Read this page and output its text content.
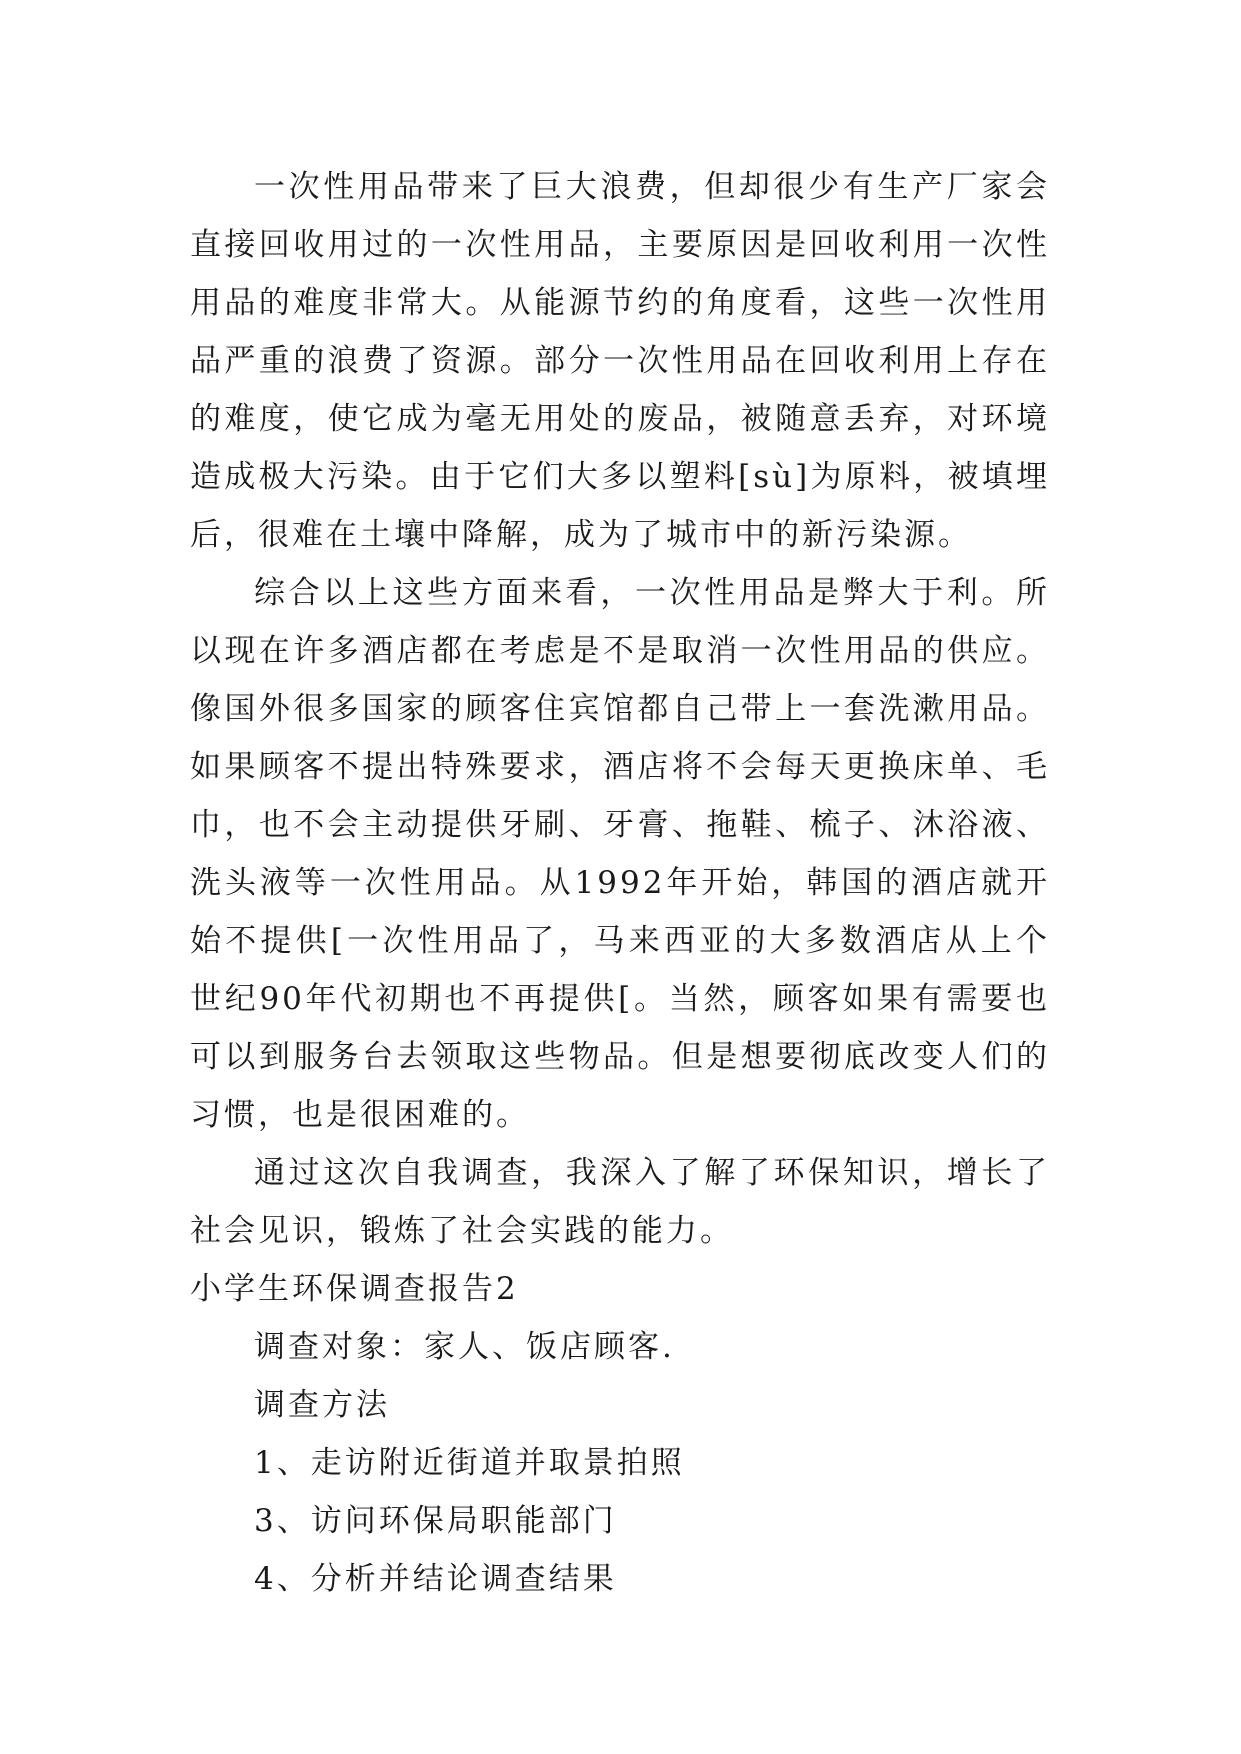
一次性用品带来了巨大浪费，但却很少有生产厂家会直接回收用过的一次性用品，主要原因是回收利用一次性用品的难度非常大。从能源节约的角度看，这些一次性用品严重的浪费了资源。部分一次性用品在回收利用上存在的难度，使它成为毫无用处的废品，被随意丢弃，对环境造成极大污染。由于它们大多以塑料[sù]为原料，被填埋后，很难在土壤中降解，成为了城市中的新污染源。

综合以上这些方面来看，一次性用品是弊大于利。所以现在许多酒店都在考虑是不是取消一次性用品的供应。像国外很多国家的顾客住宾馆都自己带上一套洗漱用品。如果顾客不提出特殊要求，酒店将不会每天更换床单、毛巾，也不会主动提供牙刷、牙膏、拖鞋、梳子、沐浴液、洗头液等一次性用品。从1992年开始，韩国的酒店就开始不提供[一次性用品了，马来西亚的大多数酒店从上个世纪90年代初期也不再提供[。当然，顾客如果有需要也可以到服务台去领取这些物品。但是想要彻底改变人们的习惯，也是很困难的。

通过这次自我调查，我深入了解了环保知识，增长了社会见识，锻炼了社会实践的能力。

小学生环保调查报告2

调查对象：家人、饭店顾客.

调查方法

1、走访附近街道并取景拍照

3、访问环保局职能部门

4、分析并结论调查结果
